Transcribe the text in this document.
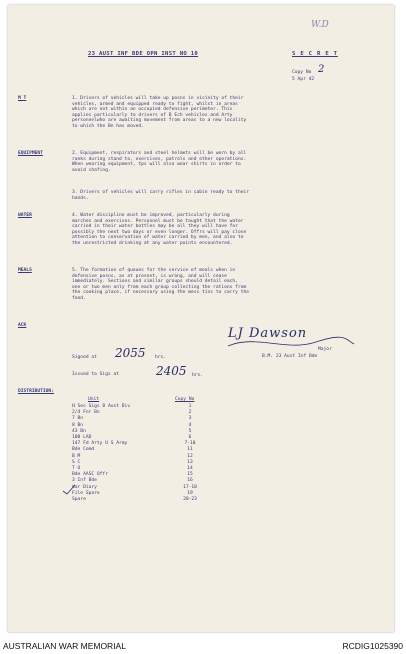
W.D
23 AUST INF BDE OPN INST NO 10	S E C R E T
Copy No 2
5 Apr 42
M T	1. Drivers of vehicles will take up posns in vicinity of their
vehicles, armed and equipped ready to fight, whilst in areas
which are not within an occupied defensive perimeter. This
applies particularly to drivers of B Ech vehicles and Arty
personnelwho are awaiting movement from areas to a new locality
to which the Bn has moved.
EQUIPMENT	2. Equipment, respirators and steel helmets will be worn by all
ranks during stand to, exercises, patrols and other operations.
When wearing equipment, tps will also wear shirts in order to
avoid chafing.
3. Drivers of vehicles will carry rifles in cabin ready to their
hands.
WATER	4. Water discipline must be improved, particularly during
marches and exercises. Personnel must be taught that the water
carried in their water bottles may be all they will have for
possibly the next two days or even longer. Offrs will pay close
attention to conservation of water carried by men, and also to
the unrestricted drinking at any water points encountered.
MEALS	5. The formation of queues for the service of meals when in
defensive posns, as at present, is wrong, and will cease
immediately. Sections and similar groups should detail each,
one or two men only from each group collecting the rations from
the cooking place, if necessary using the mess tins to carry the
food.
ACK
LJ Dawson
Major
B.M. 23 Aust Inf Bde
Signed at 2055 hrs.
Issued to Sigs at	2405 hrs.
DISTRIBUTION:
Unit	Copy No
H Sec Sigs 8 Aust Div	1
2/4 Fnr Bn	2
7 Bn	3
8 Bn	4
43 Bn	5
10B LAD	6
147 Fd Arty U S Army	7-10
Bde Comd	11
B M	12
S C	13
T O	14
Bde AASC Offr	15
3 Inf Bde	16
War Diary	17-18
File Spare	19
Spare	20-23
AUSTRALIAN WAR MEMORIAL	RCDIG1025390
